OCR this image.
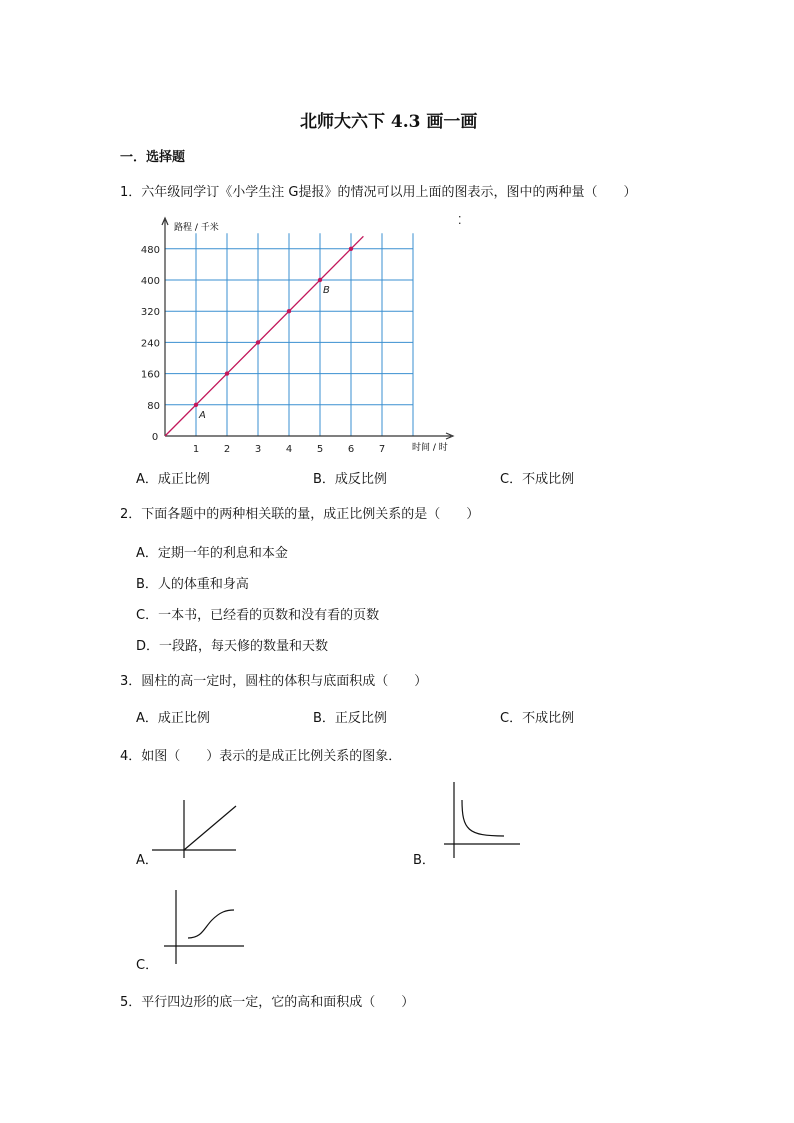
北师大六下 4.3 画一画
一．选择题
1．六年级同学订《小学生注 G提报》的情况可以用上面的图表示，图中的两种量（　　）
⁚
A
B
0
1 2 3 4 5 6 7
80
160
240
320
400
480
路程 / 千米
时间 / 时
A．成正比例	B．成反比例	C．不成比例
2．下面各题中的两种相关联的量，成正比例关系的是（　　）
A．定期一年的利息和本金
B．人的体重和身高
C．一本书，已经看的页数和没有看的页数
D．一段路，每天修的数量和天数
3．圆柱的高一定时，圆柱的体积与底面积成（　　）
A．成正比例	B．正反比例	C．不成比例
4．如图（　　）表示的是成正比例关系的图象．
A．	B．
C．
5．平行四边形的底一定，它的高和面积成（　　）
